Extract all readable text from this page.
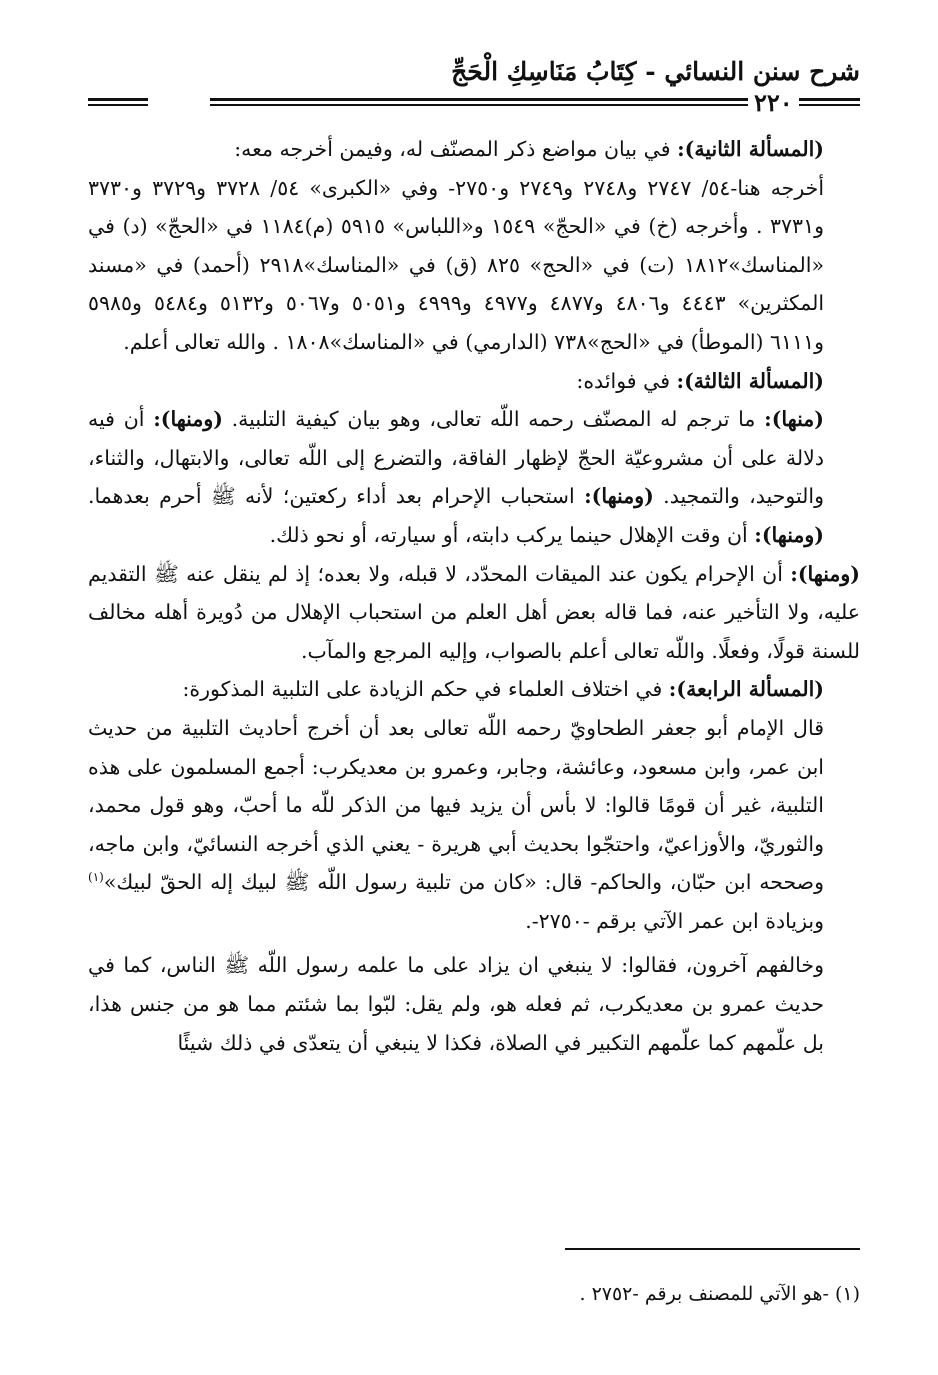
شرح سنن النسائي - كِتَابُ مَنَاسِكِ الْحَجِّ
٢٢٠

(المسألة الثانية): في بيان مواضع ذكر المصنّف له، وفيمن أخرجه معه:

أخرجه هنا-٥٤/ ٢٧٤٧ و٢٧٤٨ و٢٧٤٩ و٢٧٥٠- وفي «الكبرى» ٥٤/ ٣٧٢٨ و٣٧٢٩ و٣٧٣٠ و٣٧٣١ . وأخرجه (خ) في «الحجّ» ١٥٤٩ و«اللباس» ٥٩١٥ (م)١١٨٤ في «الحجّ» (د) في «المناسك»١٨١٢ (ت) في «الحج» ٨٢٥ (ق) في «المناسك»٢٩١٨ (أحمد) في «مسند المكثرين» ٤٤٤٣ و٤٨٠٦ و٤٨٧٧ و٤٩٧٧ و٤٩٩٩ و٥٠٥١ و٥٠٦٧ و٥١٣٢ و٥٤٨٤ و٥٩٨٥ و٦١١١ (الموطأ) في «الحج»٧٣٨ (الدارمي) في «المناسك»١٨٠٨ . والله تعالى أعلم.

(المسألة الثالثة): في فوائده:

(منها): ما ترجم له المصنّف رحمه اللّه تعالى، وهو بيان كيفية التلبية. (ومنها): أن فيه دلالة على أن مشروعيّة الحجّ لإظهار الفاقة، والتضرع إلى اللّه تعالى، والابتهال، والثناء، والتوحيد، والتمجيد. (ومنها): استحباب الإحرام بعد أداء ركعتين؛ لأنه ﷺ أحرم بعدهما. (ومنها): أن وقت الإهلال حينما يركب دابته، أو سيارته، أو نحو ذلك.

(ومنها): أن الإحرام يكون عند الميقات المحدّد، لا قبله، ولا بعده؛ إذ لم ينقل عنه ﷺ التقديم عليه، ولا التأخير عنه، فما قاله بعض أهل العلم من استحباب الإهلال من دُويرة أهله مخالف للسنة قولًا، وفعلًا. واللّه تعالى أعلم بالصواب، وإليه المرجع والمآب.

(المسألة الرابعة): في اختلاف العلماء في حكم الزيادة على التلبية المذكورة:

قال الإمام أبو جعفر الطحاويّ رحمه اللّه تعالى بعد أن أخرج أحاديث التلبية من حديث ابن عمر، وابن مسعود، وعائشة، وجابر، وعمرو بن معديكرب: أجمع المسلمون على هذه التلبية، غير أن قومًا قالوا: لا بأس أن يزيد فيها من الذكر للّه ما أحبّ، وهو قول محمد، والثوريّ، والأوزاعيّ، واحتجّوا بحديث أبي هريرة - يعني الذي أخرجه النسائيّ، وابن ماجه، وصححه ابن حبّان، والحاكم- قال: «كان من تلبية رسول اللّه ﷺ لبيك إله الحقّ لبيك»$^{(١)}$ وبزيادة ابن عمر الآتي برقم -٢٧٥٠-.

وخالفهم آخرون، فقالوا: لا ينبغي ان يزاد على ما علمه رسول اللّه ﷺ الناس، كما في حديث عمرو بن معديكرب، ثم فعله هو، ولم يقل: لبّوا بما شئتم مما هو من جنس هذا، بل علّمهم كما علّمهم التكبير في الصلاة، فكذا لا ينبغي أن يتعدّى في ذلك شيئًا

(١) -هو الآتي للمصنف برقم -٢٧٥٢ .
